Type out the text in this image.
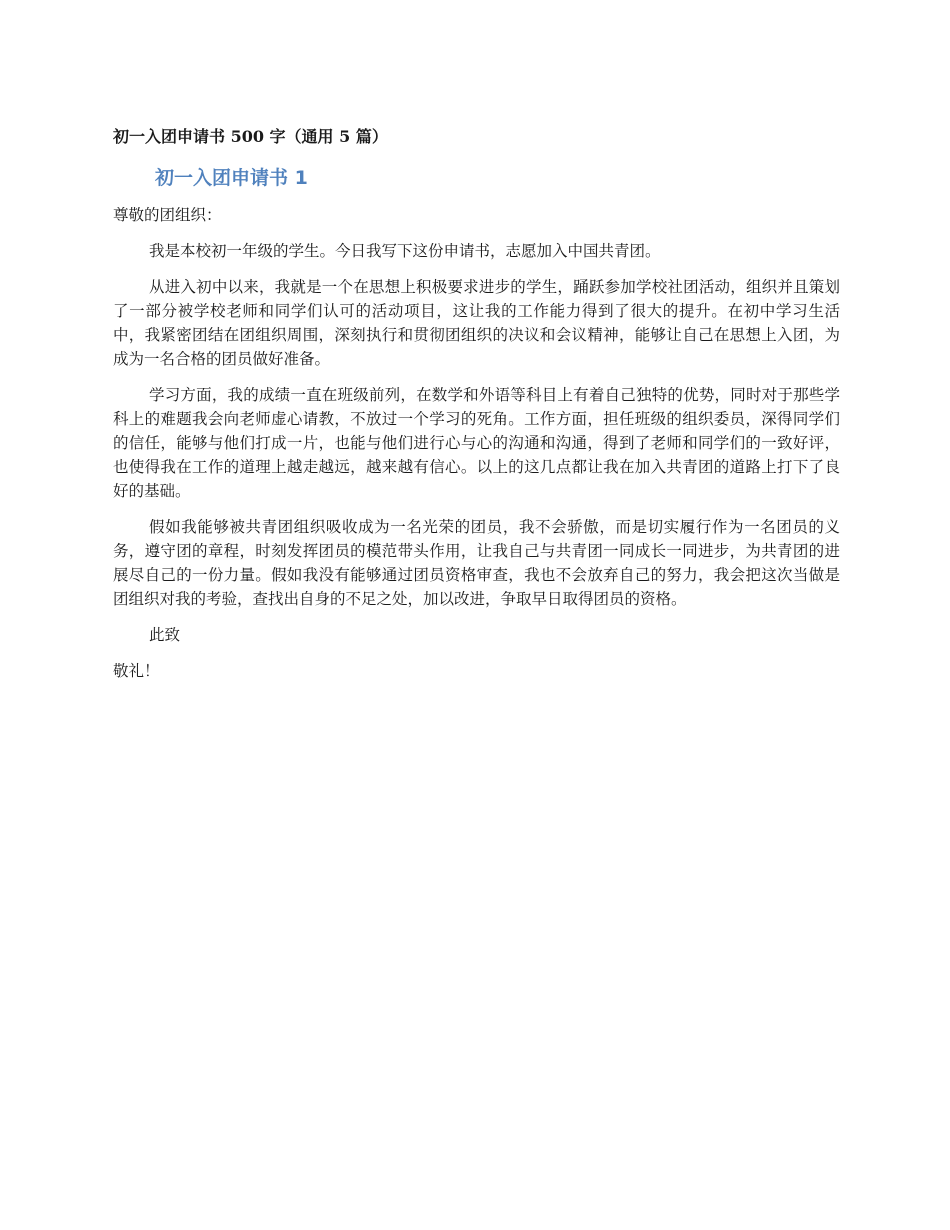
初一入团申请书 500 字（通用 5 篇）
初一入团申请书 1

尊敬的团组织：

我是本校初一年级的学生。今日我写下这份申请书，志愿加入中国共青团。

从进入初中以来，我就是一个在思想上积极要求进步的学生，踊跃参加学校社团活动，组织并且策划了一部分被学校老师和同学们认可的活动项目，这让我的工作能力得到了很大的提升。在初中学习生活中，我紧密团结在团组织周围，深刻执行和贯彻团组织的决议和会议精神，能够让自己在思想上入团，为成为一名合格的团员做好准备。

学习方面，我的成绩一直在班级前列，在数学和外语等科目上有着自己独特的优势，同时对于那些学科上的难题我会向老师虚心请教，不放过一个学习的死角。工作方面，担任班级的组织委员，深得同学们的信任，能够与他们打成一片，也能与他们进行心与心的沟通和沟通，得到了老师和同学们的一致好评，也使得我在工作的道理上越走越远，越来越有信心。以上的这几点都让我在加入共青团的道路上打下了良好的基础。

假如我能够被共青团组织吸收成为一名光荣的团员，我不会骄傲，而是切实履行作为一名团员的义务，遵守团的章程，时刻发挥团员的模范带头作用，让我自己与共青团一同成长一同进步，为共青团的进展尽自己的一份力量。假如我没有能够通过团员资格审查，我也不会放弃自己的努力，我会把这次当做是团组织对我的考验，查找出自身的不足之处，加以改进，争取早日取得团员的资格。

此致

敬礼！
